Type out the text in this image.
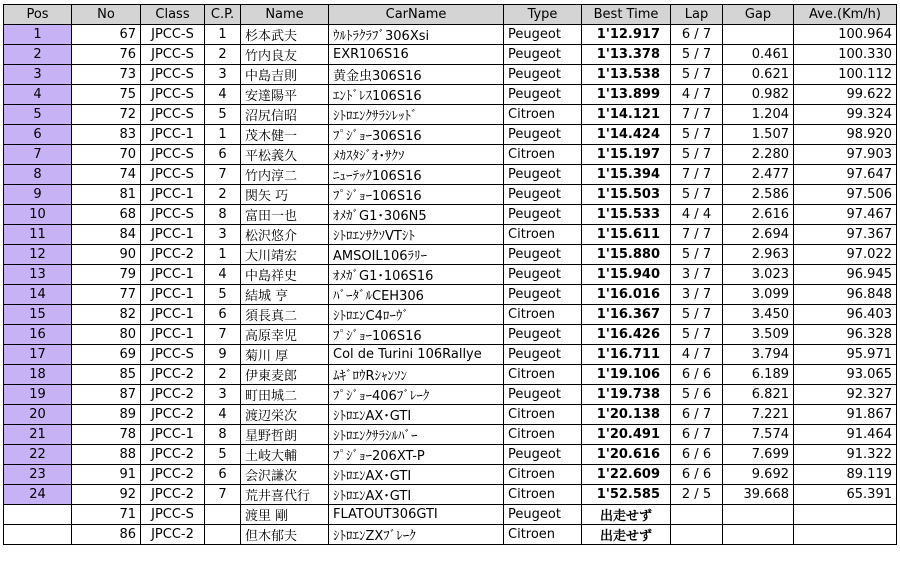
Pos	No	Class	C.P.	Name	CarName	Type	Best Time	Lap	Gap	Ave.(Km/h)
1	67	JPCC-S	1	杉本武夫	ｳﾙﾄﾗｸﾗﾌﾞ306Xsi	Peugeot	1'12.917	6 / 7		100.964
2	76	JPCC-S	2	竹内良友	EXR106S16	Peugeot	1'13.378	5 / 7	0.461	100.330
3	73	JPCC-S	3	中島吉則	黄金虫306S16	Peugeot	1'13.538	5 / 7	0.621	100.112
4	75	JPCC-S	4	安達陽平	ｴﾝﾄﾞﾚｽ106S16	Peugeot	1'13.899	4 / 7	0.982	99.622
5	72	JPCC-S	5	沼尻信昭	ｼﾄﾛｴﾝｸｻﾗｼﾚｯﾄﾞ	Citroen	1'14.121	7 / 7	1.204	99.324
6	83	JPCC-1	1	茂木健一	ﾌﾟｼﾞｮｰ306S16	Peugeot	1'14.424	5 / 7	1.507	98.920
7	70	JPCC-S	6	平松義久	ﾒｶｽﾀｼﾞｵ･ｻｸｿ	Citroen	1'15.197	5 / 7	2.280	97.903
8	74	JPCC-S	7	竹内淳二	ﾆｭｰﾃｯｸ106S16	Peugeot	1'15.394	7 / 7	2.477	97.647
9	81	JPCC-1	2	関矢 巧	ﾌﾟｼﾞｮｰ106S16	Peugeot	1'15.503	5 / 7	2.586	97.506
10	68	JPCC-S	8	富田一也	ｵﾒｶﾞG1･306N5	Peugeot	1'15.533	4 / 4	2.616	97.467
11	84	JPCC-1	3	松沢悠介	ｼﾄﾛｴﾝｻｸｿVTｼﾄ	Citroen	1'15.611	7 / 7	2.694	97.367
12	90	JPCC-2	1	大川靖宏	AMSOIL106ﾗﾘｰ	Peugeot	1'15.880	5 / 7	2.963	97.022
13	79	JPCC-1	4	中島祥史	ｵﾒｶﾞG1･106S16	Peugeot	1'15.940	3 / 7	3.023	96.945
14	77	JPCC-1	5	結城 亨	ﾊﾞｰﾀﾞﾙCEH306	Peugeot	1'16.016	3 / 7	3.099	96.848
15	82	JPCC-1	6	須長真二	ｼﾄﾛｴﾝC4ﾛｰｳﾞ	Citroen	1'16.367	5 / 7	3.450	96.403
16	80	JPCC-1	7	高原幸児	ﾌﾟｼﾞｮｰ106S16	Peugeot	1'16.426	5 / 7	3.509	96.328
17	69	JPCC-S	9	菊川 厚	Col de Turini 106Rallye	Peugeot	1'16.711	4 / 7	3.794	95.971
18	85	JPCC-2	2	伊東麦郎	ﾑｷﾞﾛｳRｼｬﾝｿﾝ	Citroen	1'19.106	6 / 6	6.189	93.065
19	87	JPCC-2	3	町田城二	ﾌﾟｼﾞｮｰ406ﾌﾞﾚｰｸ	Peugeot	1'19.738	5 / 6	6.821	92.327
20	89	JPCC-2	4	渡辺栄次	ｼﾄﾛｴﾝAX･GTI	Citroen	1'20.138	6 / 7	7.221	91.867
21	78	JPCC-1	8	星野哲朗	ｼﾄﾛｴﾝｸｻﾗｼﾙﾊﾞｰ	Citroen	1'20.491	6 / 7	7.574	91.464
22	88	JPCC-2	5	土岐大輔	ﾌﾟｼﾞｮｰ206XT-P	Peugeot	1'20.616	6 / 6	7.699	91.322
23	91	JPCC-2	6	会沢謙次	ｼﾄﾛｴﾝAX･GTI	Citroen	1'22.609	6 / 6	9.692	89.119
24	92	JPCC-2	7	荒井喜代行	ｼﾄﾛｴﾝAX･GTI	Citroen	1'52.585	2 / 5	39.668	65.391
	71	JPCC-S		渡里 剛	FLATOUT306GTI	Peugeot	出走せず			
	86	JPCC-2		但木郁夫	ｼﾄﾛｴﾝZXﾌﾞﾚｰｸ	Citroen	出走せず			
